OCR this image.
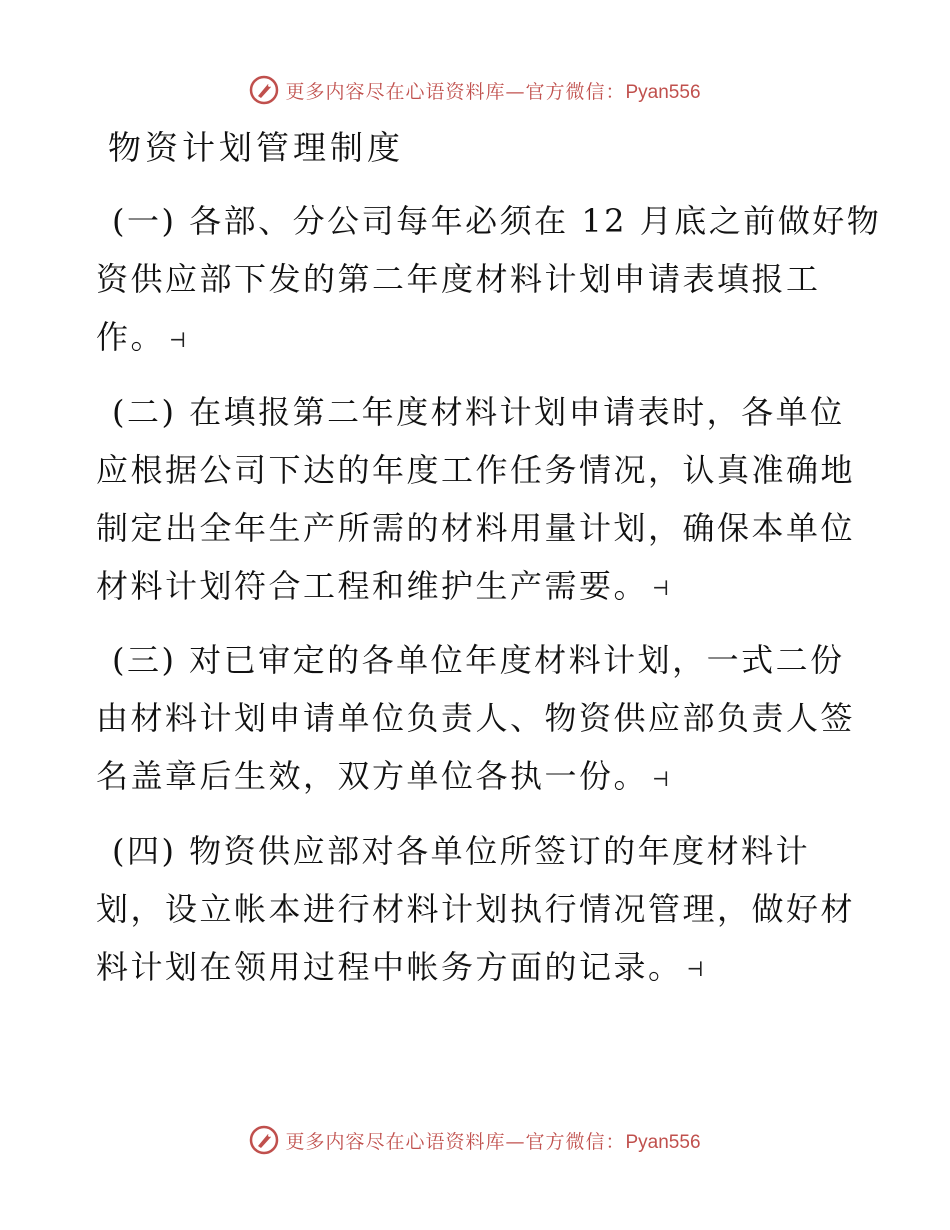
更多内容尽在心语资料库—官方微信：Pyan556
物资计划管理制度

(一) 各部、分公司每年必须在 12 月底之前做好物
资供应部下发的第二年度材料计划申请表填报工
作。 ⊣

(二) 在填报第二年度材料计划申请表时，各单位
应根据公司下达的年度工作任务情况，认真准确地
制定出全年生产所需的材料用量计划，确保本单位
材料计划符合工程和维护生产需要。 ⊣

(三) 对已审定的各单位年度材料计划，一式二份
由材料计划申请单位负责人、物资供应部负责人签
名盖章后生效，双方单位各执一份。 ⊣

(四) 物资供应部对各单位所签订的年度材料计
划，设立帐本进行材料计划执行情况管理，做好材
料计划在领用过程中帐务方面的记录。 ⊣

更多内容尽在心语资料库—官方微信：Pyan556
